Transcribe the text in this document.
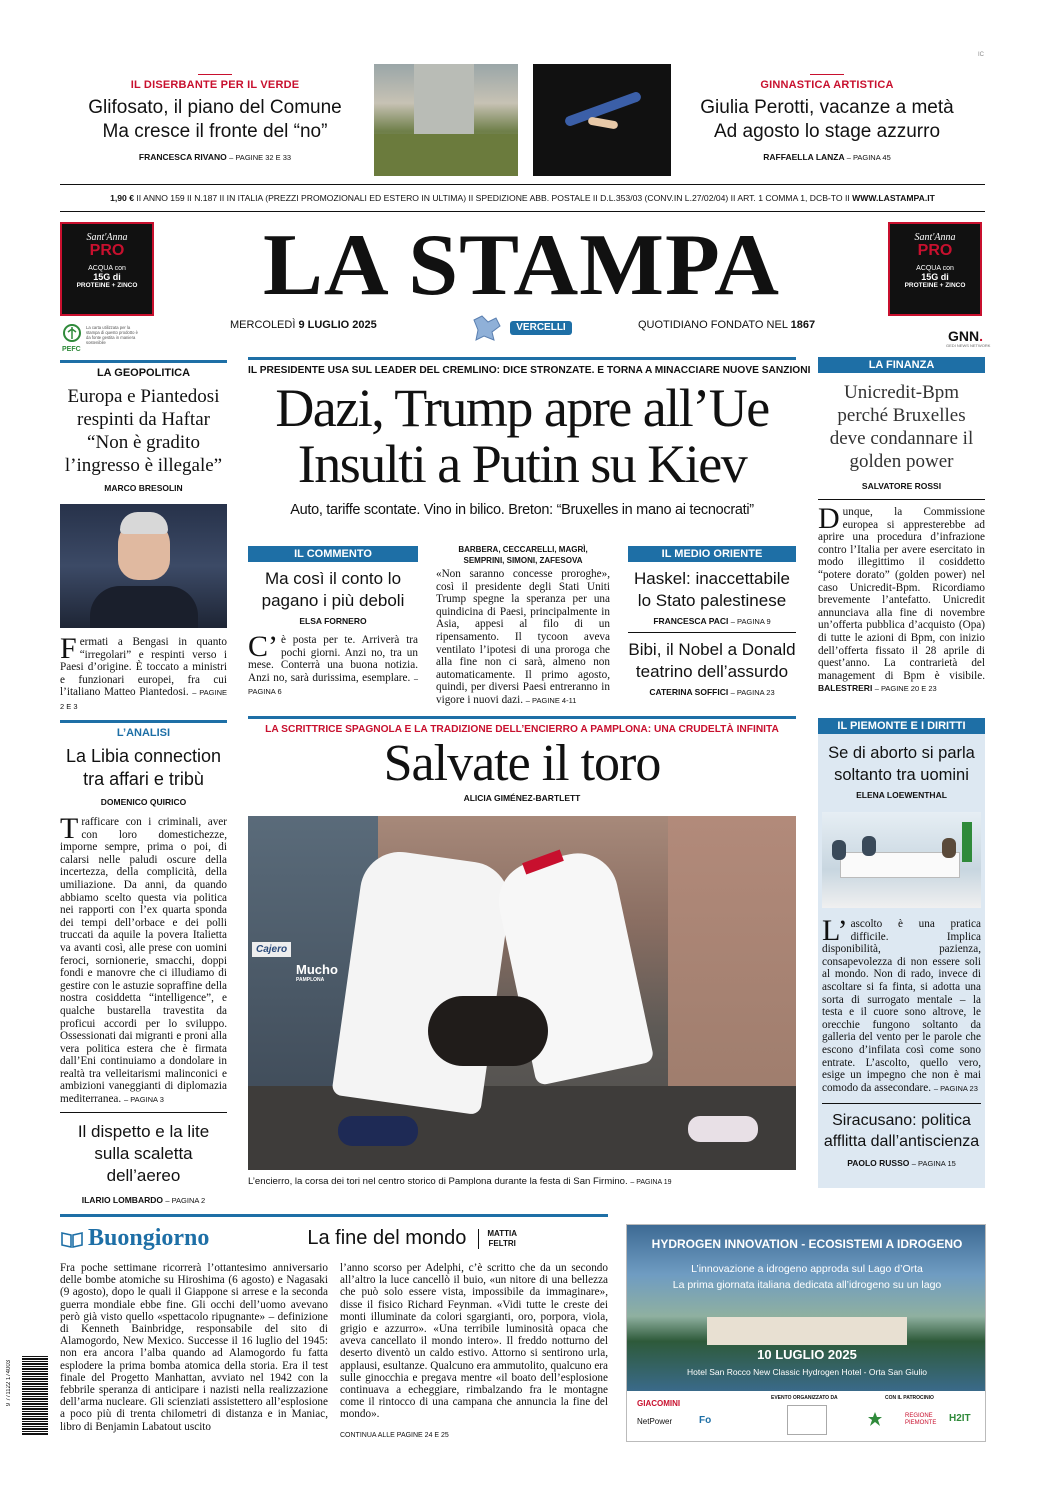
IC
IL DISERBANTE PER IL VERDE
Glifosato, il piano del Comune
Ma cresce il fronte del “no”
FRANCESCA RIVANO – PAGINE 32 E 33
GINNASTICA ARTISTICA
Giulia Perotti, vacanze a metà
Ad agosto lo stage azzurro
RAFFAELLA LANZA – PAGINA 45
1,90 € II ANNO 159 II N.187 II IN ITALIA (PREZZI PROMOZIONALI ED ESTERO IN ULTIMA) II SPEDIZIONE ABB. POSTALE II D.L.353/03 (CONV.IN L.27/02/04) II ART. 1 COMMA 1, DCB-TO II WWW.LASTAMPA.IT
Sant'Anna
PRO
ACQUA con
15G di
PROTEINE + ZINCO
Sant'Anna
PRO
ACQUA con
15G di
PROTEINE + ZINCO
LA STAMPA
MERCOLEDÌ 9 LUGLIO 2025	VERCELLI	QUOTIDIANO FONDATO NEL 1867
GNN.
GEDI NEWS NETWORK
PEFC
La carta utilizzata per la stampa di questo prodotto è da fonte gestita in maniera sostenibile
LA GEOPOLITICA
Europa e Piantedosi respinti da Haftar “Non è gradito l’ingresso è illegale”
MARCO BRESOLIN
Fermati a Bengasi in quanto “irregolari” e respinti verso i Paesi d’origine. È toccato a ministri e funzionari europei, fra cui l’italiano Matteo Piantedosi. – PAGINE 2 E 3
L’ANALISI
La Libia connection tra affari e tribù
DOMENICO QUIRICO
Trafficare con i criminali, aver con loro domestichezze, imporne sempre, prima o poi, di calarsi nelle paludi oscure della incertezza, della complicità, della umiliazione. Da anni, da quando abbiamo scelto questa via politica nei rapporti con l’ex quarta sponda dei tempi dell’orbace e dei polli truccati da aquile la povera Italietta va avanti così, alle prese con uomini feroci, sornionerie, smacchi, doppi fondi e manovre che ci illudiamo di gestire con le astuzie sopraffine della nostra cosiddetta “intelligence”, e qualche bustarella travestita da proficui accordi per lo sviluppo. Ossessionati dai migranti e proni alla vera politica estera che è firmata dall’Eni continuiamo a dondolare in realtà tra velleitarismi malinconici e ambizioni vaneggianti di diplomazia mediterranea. – PAGINA 3
Il dispetto e la lite sulla scaletta dell’aereo
ILARIO LOMBARDO – PAGINA 2
IL PRESIDENTE USA SUL LEADER DEL CREMLINO: DICE STRONZATE. E TORNA A MINACCIARE NUOVE SANZIONI
Dazi, Trump apre all’Ue
Insulti a Putin su Kiev
Auto, tariffe scontate. Vino in bilico. Breton: “Bruxelles in mano ai tecnocrati”
IL COMMENTO
Ma così il conto lo pagano i più deboli
ELSA FORNERO
C’è posta per te. Arriverà tra pochi giorni. Anzi no, tra un mese. Conterrà una buona notizia. Anzi no, sarà durissima, esemplare. – PAGINA 6
BARBERA, CECCARELLI, MAGRÌ,
SEMPRINI, SIMONI, ZAFESOVA
«Non saranno concesse proroghe», così il presidente degli Stati Uniti Trump spegne la speranza per una quindicina di Paesi, principalmente in Asia, appesi al filo di un ripensamento. Il tycoon aveva ventilato l’ipotesi di una proroga che alla fine non ci sarà, almeno non automaticamente. Il primo agosto, quindi, per diversi Paesi entreranno in vigore i nuovi dazi. – PAGINE 4-11
IL MEDIO ORIENTE
Haskel: inaccettabile lo Stato palestinese
FRANCESCA PACI – PAGINA 9
Bibi, il Nobel a Donald teatrino dell’assurdo
CATERINA SOFFICI – PAGINA 23
LA SCRITTRICE SPAGNOLA E LA TRADIZIONE DELL’ENCIERRO A PAMPLONA: UNA CRUDELTÀ INFINITA
Salvate il toro
ALICIA GIMÉNEZ-BARTLETT
Cajero
Mucho
PAMPLONA
L’encierro, la corsa dei tori nel centro storico di Pamplona durante la festa di San Firmino. – PAGINA 19
LA FINANZA
Unicredit-Bpm perché Bruxelles deve condannare il golden power
SALVATORE ROSSI
Dunque, la Commissione europea si appresterebbe ad aprire una procedura d’infrazione contro l’Italia per avere esercitato in modo illegittimo il cosiddetto “potere dorato” (golden power) nel caso Unicredit-Bpm. Ricordiamo brevemente l’antefatto. Unicredit annunciava alla fine di novembre un’offerta pubblica d’acquisto (Opa) di tutte le azioni di Bpm, con inizio dell’offerta fissato il 28 aprile di quest’anno. La contrarietà del management di Bpm è visibile. BALESTRERI – PAGINE 20 E 23
IL PIEMONTE E I DIRITTI
Se di aborto si parla soltanto tra uomini
ELENA LOEWENTHAL
L’ascolto è una pratica difficile. Implica disponibilità, pazienza, consapevolezza di non essere soli al mondo. Non di rado, invece di ascoltare si fa finta, si adotta una sorta di surrogato mentale – la testa e il cuore sono altrove, le orecchie fungono soltanto da galleria del vento per le parole che escono d’infilata così come sono entrate. L’ascolto, quello vero, esige un impegno che non è mai comodo da assecondare. – PAGINA 23
Siracusano: politica afflitta dall’antiscienza
PAOLO RUSSO – PAGINA 15
Buongiorno	La fine del mondo	MATTIA
FELTRI
Fra poche settimane ricorrerà l’ottantesimo anniversario delle bombe atomiche su Hiroshima (6 agosto) e Nagasaki (9 agosto), dopo le quali il Giappone si arrese e la seconda guerra mondiale ebbe fine. Gli occhi dell’uomo avevano però già visto quello «spettacolo ripugnante» – definizione di Kenneth Bainbridge, responsabile del sito di Alamogordo, New Mexico. Successe il 16 luglio del 1945: non era ancora l’alba quando ad Alamogordo fu fatta esplodere la prima bomba atomica della storia. Era il test finale del Progetto Manhattan, avviato nel 1942 con la febbrile speranza di anticipare i nazisti nella realizzazione dell’arma nucleare. Gli scienziati assistettero all’esplosione a poco più di trenta chilometri di distanza e in Maniac, libro di Benjamin Labatout uscito
l’anno scorso per Adelphi, c’è scritto che da un secondo all’altro la luce cancellò il buio, «un nitore di una bellezza che può solo essere vista, impossibile da immaginare», disse il fisico Richard Feynman. «Vidi tutte le creste dei monti illuminate da colori sgargianti, oro, porpora, viola, grigio e azzurro». «Una terribile luminosità opaca che aveva cancellato il mondo intero». Il freddo notturno del deserto diventò un caldo estivo. Attorno si sentirono urla, applausi, esultanze. Qualcuno era ammutolito, qualcuno era sulle ginocchia e pregava mentre «il boato dell’esplosione continuava a echeggiare, rimbalzando fra le montagne come il rintocco di una campana che annuncia la fine del mondo».
CONTINUA ALLE PAGINE 24 E 25
HYDROGEN INNOVATION - ECOSISTEMI A IDROGENO
L’innovazione a idrogeno approda sul Lago d’Orta
La prima giornata italiana dedicata all’idrogeno su un lago
10 LUGLIO 2025
Hotel San Rocco New Classic Hydrogen Hotel - Orta San Giulio
EVENTO ORGANIZZATO DA	CON IL PATROCINIO
GIACOMINI
NetPower	Fo	REGIONE PIEMONTE H2IT
9 771122 174003
